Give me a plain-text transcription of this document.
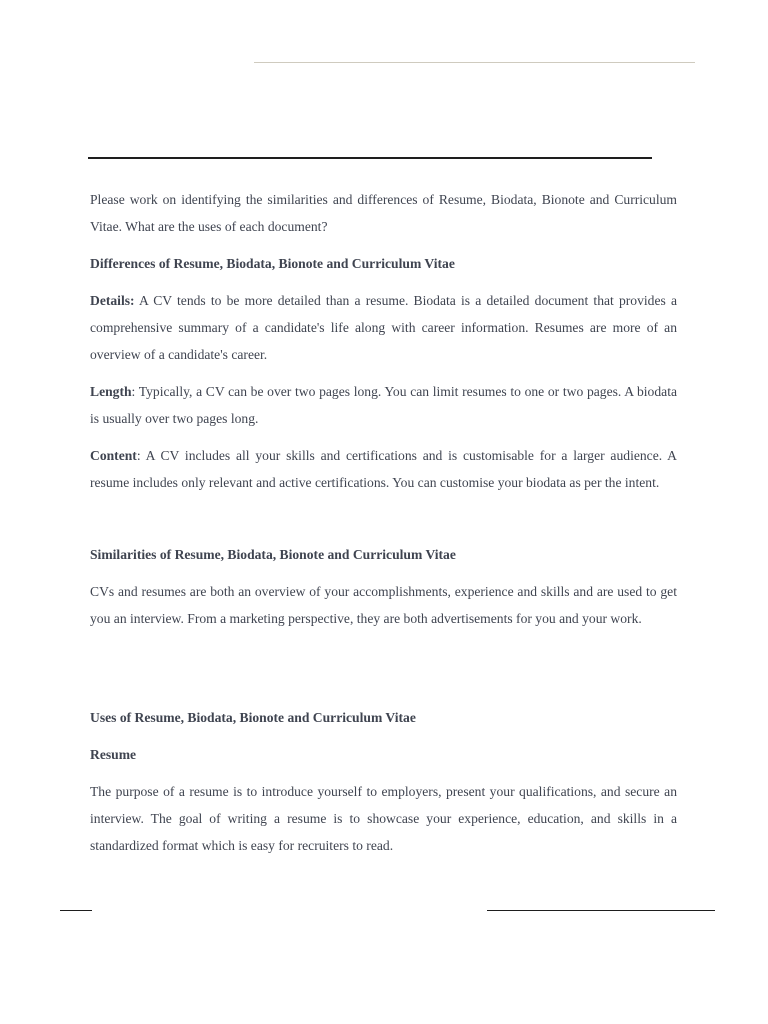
Please work on identifying the similarities and differences of Resume, Biodata, Bionote and Curriculum Vitae. What are the uses of each document?

Differences of Resume, Biodata, Bionote and Curriculum Vitae

Details: A CV tends to be more detailed than a resume. Biodata is a detailed document that provides a comprehensive summary of a candidate's life along with career information. Resumes are more of an overview of a candidate's career.

Length: Typically, a CV can be over two pages long. You can limit resumes to one or two pages. A biodata is usually over two pages long.

Content: A CV includes all your skills and certifications and is customisable for a larger audience. A resume includes only relevant and active certifications. You can customise your biodata as per the intent.

Similarities of Resume, Biodata, Bionote and Curriculum Vitae

CVs and resumes are both an overview of your accomplishments, experience and skills and are used to get you an interview. From a marketing perspective, they are both advertisements for you and your work.

Uses of Resume, Biodata, Bionote and Curriculum Vitae

Resume

The purpose of a resume is to introduce yourself to employers, present your qualifications, and secure an interview. The goal of writing a resume is to showcase your experience, education, and skills in a standardized format which is easy for recruiters to read.
